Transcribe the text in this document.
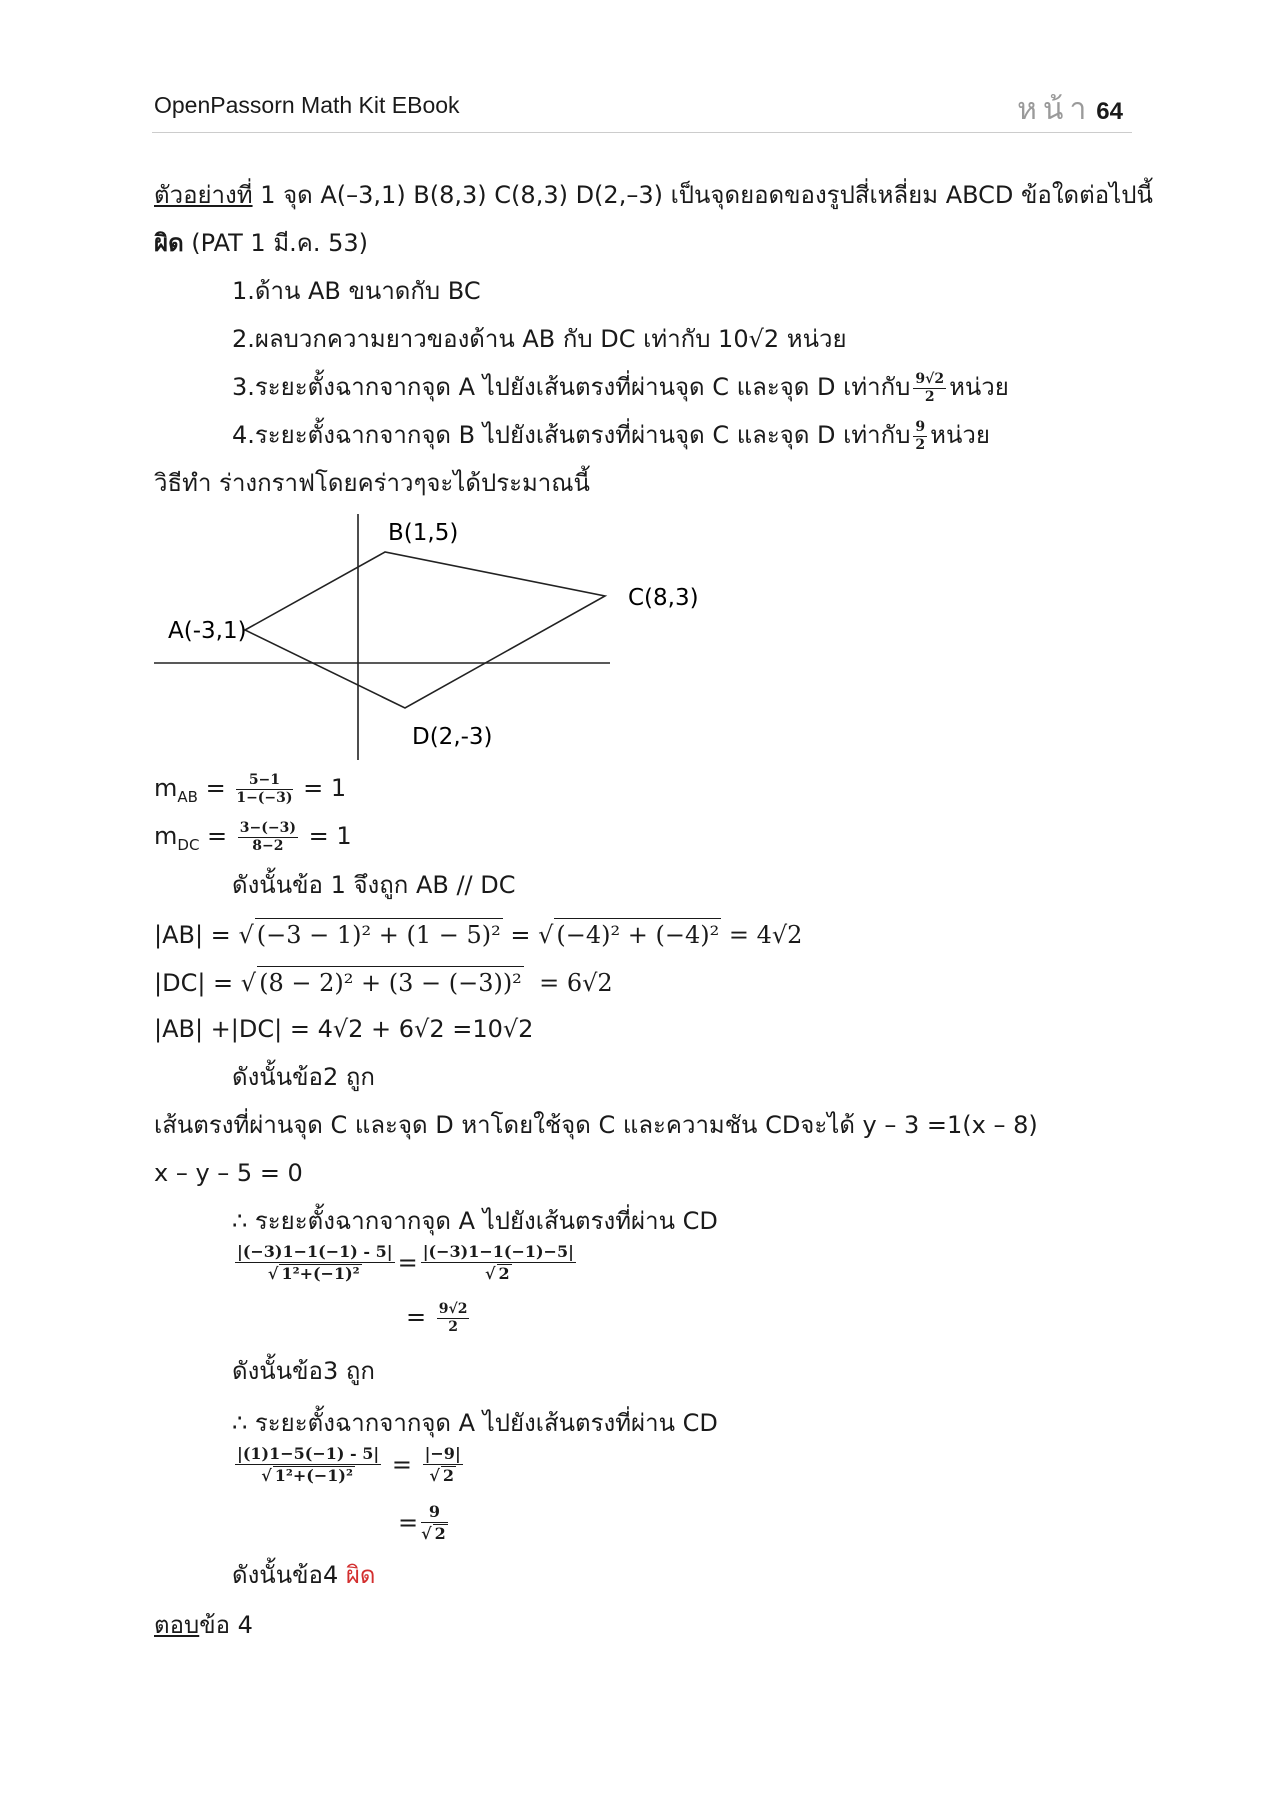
OpenPassorn Math Kit EBook	หน้า 64
ตัวอย่างที่ 1 จุด A(–3,1) B(8,3) C(8,3) D(2,–3) เป็นจุดยอดของรูปสี่เหลี่ยม ABCD ข้อใดต่อไปนี้
ผิด (PAT 1 มี.ค. 53)
1.ด้าน AB ขนาดกับ BC
2.ผลบวกความยาวของด้าน AB กับ DC เท่ากับ 10√2 หน่วย
3.ระยะตั้งฉากจากจุด A ไปยังเส้นตรงที่ผ่านจุด C และจุด D เท่ากับ $\frac{9√2}{2}$ หน่วย
4.ระยะตั้งฉากจากจุด B ไปยังเส้นตรงที่ผ่านจุด C และจุด D เท่ากับ $\frac{9}{2}$ หน่วย
วิธีทำ ร่างกราฟโดยคร่าวๆจะได้ประมาณนี้
B(1,5)
C(8,3)
A(-3,1)
D(2,-3)
$m_{AB} = \frac{5-1}{1-(-3)} = 1$
$m_{DC} = \frac{3-(-3)}{8-2} = 1$
ดังนั้นข้อ 1 จึงถูก AB // DC
|AB| = √ (−3 − 1)² + (1 − 5)² = √ (−4)² + (−4)² = 4√2
|DC| = √ (8 − 2)² + (3 − (−3))² = 6√2
|AB| +|DC| = 4√2 + 6√2 =10√2
ดังนั้นข้อ2 ถูก
เส้นตรงที่ผ่านจุด C และจุด D หาโดยใช้จุด C และความชัน CDจะได้ y – 3 =1(x – 8)
x – y – 5 = 0
∴ ระยะตั้งฉากจากจุด A ไปยังเส้นตรงที่ผ่าน CD
$\frac{|(-3)1-1(-1) - 5|}{\text{√ 1²+(−1)²}} = \frac{|(-3)1-1(-1)-5|}{√ 2}$
= $\frac{9√2}{2}$
ดังนั้นข้อ3 ถูก
∴ ระยะตั้งฉากจากจุด A ไปยังเส้นตรงที่ผ่าน CD
$\frac{|(1)1-5(-1) - 5|}{\text{√ 1²+(−1)²}} = \frac{|-9|}{√ 2}$
= $\frac{9}{√ 2}$
ดังนั้นข้อ4 ผิด
ตอบข้อ 4
